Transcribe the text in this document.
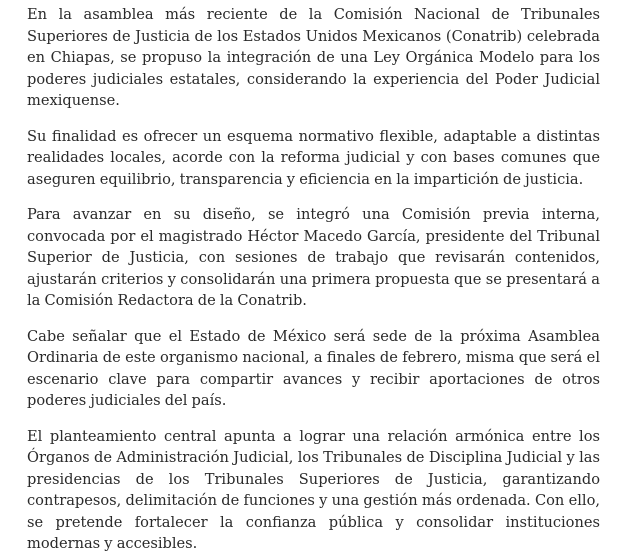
En la asamblea más reciente de la Comisión Nacional de Tribunales Superiores de Justicia de los Estados Unidos Mexicanos (Conatrib) celebrada en Chiapas, se propuso la integración de una Ley Orgánica Modelo para los poderes judiciales estatales, considerando la experiencia del Poder Judicial mexiquense.

Su finalidad es ofrecer un esquema normativo flexible, adaptable a distintas realidades locales, acorde con la reforma judicial y con bases comunes que aseguren equilibrio, transparencia y eficiencia en la impartición de justicia.

Para avanzar en su diseño, se integró una Comisión previa interna, convocada por el magistrado Héctor Macedo García, presidente del Tribunal Superior de Justicia, con sesiones de trabajo que revisarán contenidos, ajustarán criterios y consolidarán una primera propuesta que se presentará a la Comisión Redactora de la Conatrib.

Cabe señalar que el Estado de México será sede de la próxima Asamblea Ordinaria de este organismo nacional, a finales de febrero, misma que será el escenario clave para compartir avances y recibir aportaciones de otros poderes judiciales del país.

El planteamiento central apunta a lograr una relación armónica entre los Órganos de Administración Judicial, los Tribunales de Disciplina Judicial y las presidencias de los Tribunales Superiores de Justicia, garantizando contrapesos, delimitación de funciones y una gestión más ordenada. Con ello, se pretende fortalecer la confianza pública y consolidar instituciones modernas y accesibles.
